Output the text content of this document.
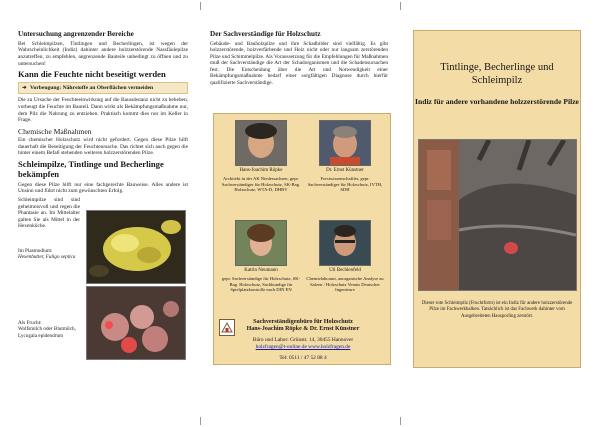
Untersuchung angrenzender Bereiche

Bei Schleimpilzen, Tintlingen und Becherlingen, ist wegen der Wahrscheinlichkeit (Indiz) dahinter andere holzzerstörende Nassfäulepilze anzutreffen, zu empfehlen, angrenzende Bauteile unbedingt zu öffnen und zu untersuchen!

Kann die Feuchte nicht beseitigt werden
➜ Vorbeugung: Nährstoffe an Oberflächen vermeiden

Die zu Ursache der Feuchteeinwirkung auf die Bausubstanz nicht zu beheben, vorbeugt die Feuchte im Bauteil. Dann wirkt als Bekämpfungsmaßnahme nur, dem Pilz die Nahrung zu entziehen. Praktisch kommt dies nur im Keller in Frage.

Chemische Maßnahmen

Ein chemischer Holzschutz wird nicht gefordert. Gegen diese Pilze hilft dauerhaft die Beseitigung der Feuchteursache. Das richtet sich auch gegen die hinter einem Befall stehenden weiteren holzzerstörenden Pilze.

Schleimpilze, Tintlinge und Becherlinge bekämpfen

Gegen diese Pilze hilft nur eine fachgerechte Bauweise. Alles andere ist Unsinn und führt nicht zum gewünschten Erfolg.

Schleimpilze sind sind geheimnisvoll und regen die Phantasie an. Im Mittelalter galten Sie als Mittel in der Hexenküche.

Im Plasmodium:
Hexenbutter, Fuligo septica
Als Frucht:
Wolfsmilch oder Blutmilch, Lycogala epidendrum
Der Sachverständige für Holzschutz

Gebäude- und Bauholzpilze und ihre Schadbilder sind vielfältig. Es gibt holzzerstörende, holzverfärbende und Holz nicht oder nur langsam zerstörenden Pilze und Schimmelpilze. Als Voraussetzung für die Empfehlungen für Maßnahmen muß der Sachverständige die Art der Schadorganismen und die Schadensursachen fest. Die Entscheidung über die Art und Notwendigkeit einer Bekämpfungsmaßnahme bedarf einer sorgfältigen Diagnose durch hierfür qualifizierte Sachverständige.

Hans-Joachim Röpke
Architekt in der AK Niedersachsen, gepr. Sachverständiger für Holzschutz, SK-Bag. Holzschutz, WTA-D, DHBV
Dr. Ernst Künstner
Forstwissenschaftler, gepr. Sachverständiger für Holzschutz, IVTH, SDH
Katrin Neumann
gepr. Sachverständige für Holzschutz, SK-Bag. Holzschutz, Sachkundige für Spielplatzkontrolle nach DIN EN
Uli Bechlenfeld
Chemielaborant, anorganische Analyse zu Salzen / Holzschutz Vennis Deutscher Ingenieure
Sachverständigenbüro für Holzschutz
Hans-Joachim Röpke & Dr. Ernst Künstner
Büro und Labor: Grünstr. 14, 30455 Hannover
holzfragen@t-online.de www.holzfragen.de
Tel: 0511 / 47 52 88 4
Tintlinge, Becherlinge und Schleimpilz
Indiz für andere vorhandene holzzerstörende Pilze
Dieser rote Schleimpilz (Fruchtform) ist ein Indiz für andere holzzerstörende Pilze im Fachwerkbalken. Tatsächlich ist das Fachwerk dahinter vom Ausgebreiteten Hausporling zerstört.
